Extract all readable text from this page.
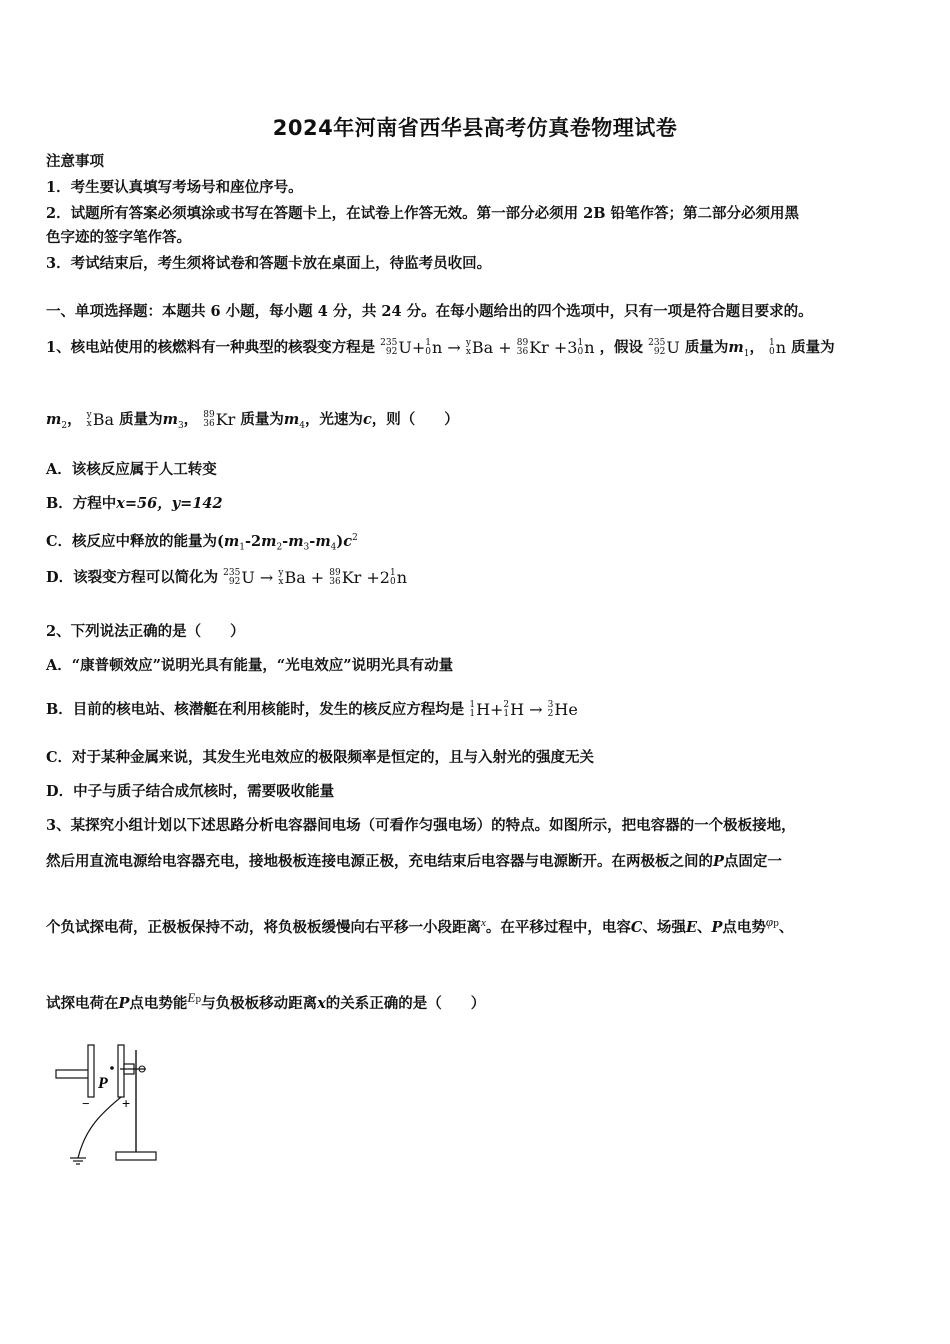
2024年河南省西华县高考仿真卷物理试卷
注意事项
1．考生要认真填写考场号和座位序号。
2．试题所有答案必须填涂或书写在答题卡上，在试卷上作答无效。第一部分必须用 2B 铅笔作答；第二部分必须用黑
色字迹的签字笔作答。
3．考试结束后，考生须将试卷和答题卡放在桌面上，待监考员收回。
一、单项选择题：本题共 6 小题，每小题 4 分，共 24 分。在每小题给出的四个选项中，只有一项是符合题目要求的。
1、核电站使用的核燃料有一种典型的核裂变方程是 235
92 U+ 1
0 n → y
x Ba + 89
36 Kr +3 1
0 n ，假设 235
92 U 质量为$m_1$， 1
0 n 质量为
$m_2$， y
x Ba 质量为$m_3$， 89
36 Kr 质量为$m_4$，光速为c，则（　　）
A．该核反应属于人工转变
B．方程中x=56，y=142
C．核反应中释放的能量为$(m_1-2m_2-m_3-m_4)c^2$
D．该裂变方程可以简化为 235
92 U → y
x Ba + 89
36 Kr +2 1
0 n
2、下列说法正确的是（　　）
A．“康普顿效应”说明光具有能量，“光电效应”说明光具有动量
B．目前的核电站、核潜艇在利用核能时，发生的核反应方程均是 1
1 H+ 2
1 H → 3
2 He
C．对于某种金属来说，其发生光电效应的极限频率是恒定的，且与入射光的强度无关
D．中子与质子结合成氘核时，需要吸收能量
3、某探究小组计划以下述思路分析电容器间电场（可看作匀强电场）的特点。如图所示，把电容器的一个极板接地，
然后用直流电源给电容器充电，接地极板连接电源正极，充电结束后电容器与电源断开。在两极板之间的P点固定一
个负试探电荷，正极板保持不动，将负极板缓慢向右平移一小段距离$^x$。在平移过程中，电容C、场强E、P点电势$\varphi_p$、
试探电荷在P点电势能$E_p$与负极板移动距离x的关系正确的是（　　）
P
− +
